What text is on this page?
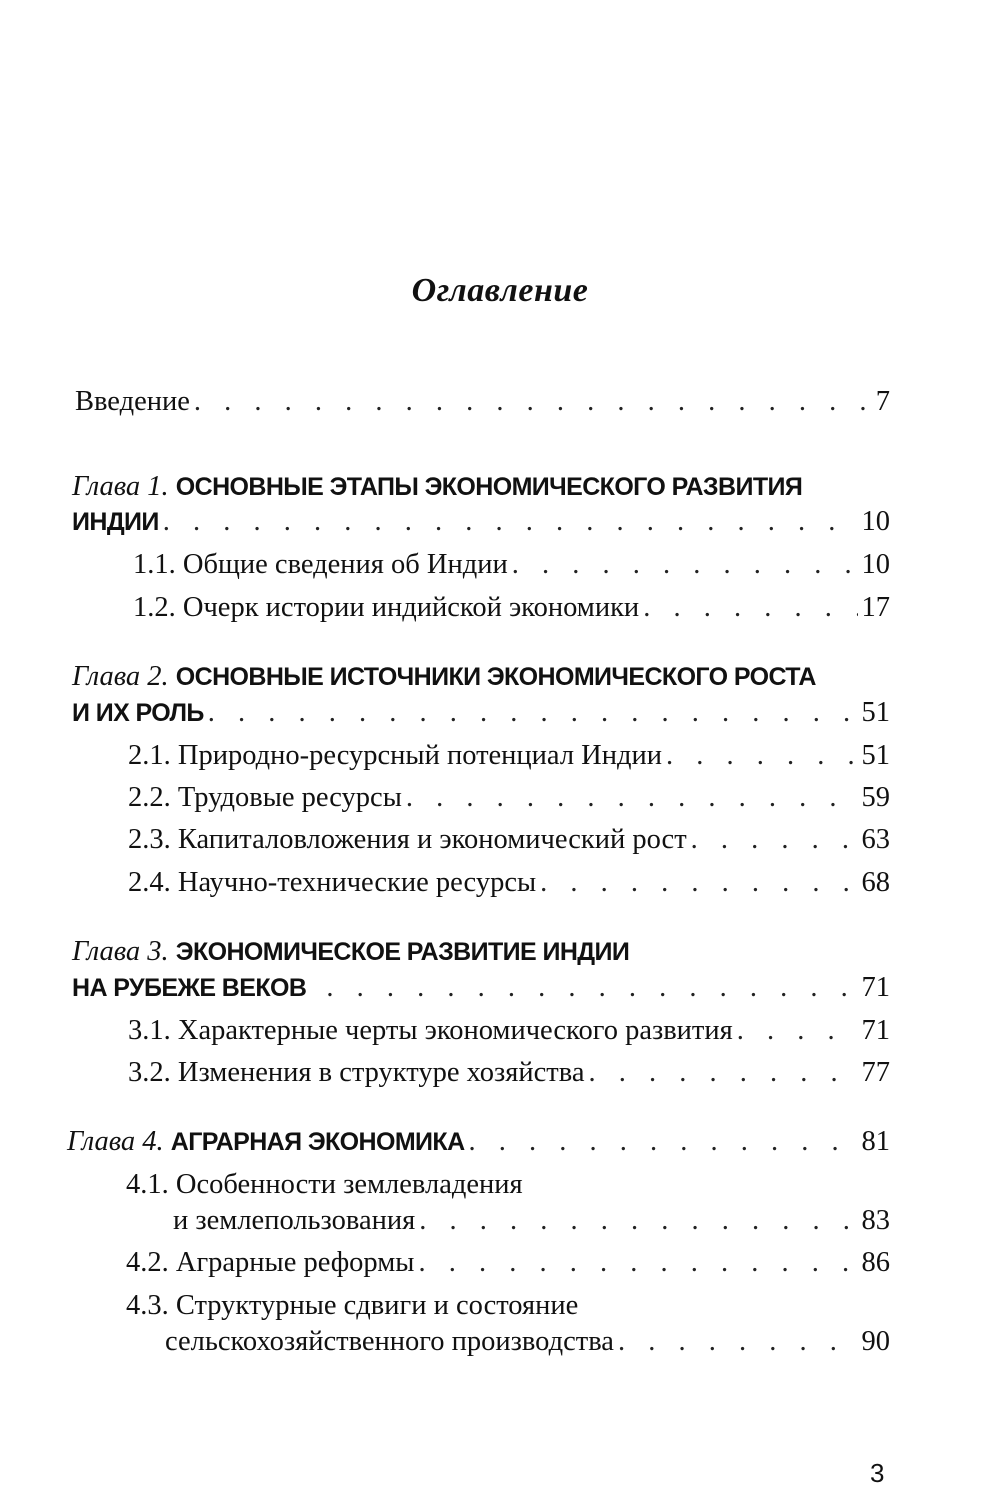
Оглавление
Введение . . .	7
Глава 1. ОСНОВНЫЕ ЭТАПЫ ЭКОНОМИЧЕСКОГО РАЗВИТИЯ
ИНДИИ . . .	10
1.1. Общие сведения об Индии . . .	10
1.2. Очерк истории индийской экономики . . .	17
Глава 2. ОСНОВНЫЕ ИСТОЧНИКИ ЭКОНОМИЧЕСКОГО РОСТА
И ИХ РОЛЬ . . .	51
2.1. Природно-ресурсный потенциал Индии . . .	51
2.2. Трудовые ресурсы . . .	59
2.3. Капиталовложения и экономический рост . . .	63
2.4. Научно-технические ресурсы . . .	68
Глава 3. ЭКОНОМИЧЕСКОЕ РАЗВИТИЕ ИНДИИ
НА РУБЕЖЕ ВЕКОВ . . .	71
3.1. Характерные черты экономического развития . . .	71
3.2. Изменения в структуре хозяйства . . .	77
Глава 4. АГРАРНАЯ ЭКОНОМИКА . . .	81
4.1. Особенности землевладения
и землепользования . . .	83
4.2. Аграрные реформы . . .	86
4.3. Структурные сдвиги и состояние
сельскохозяйственного производства . . .	90
3
